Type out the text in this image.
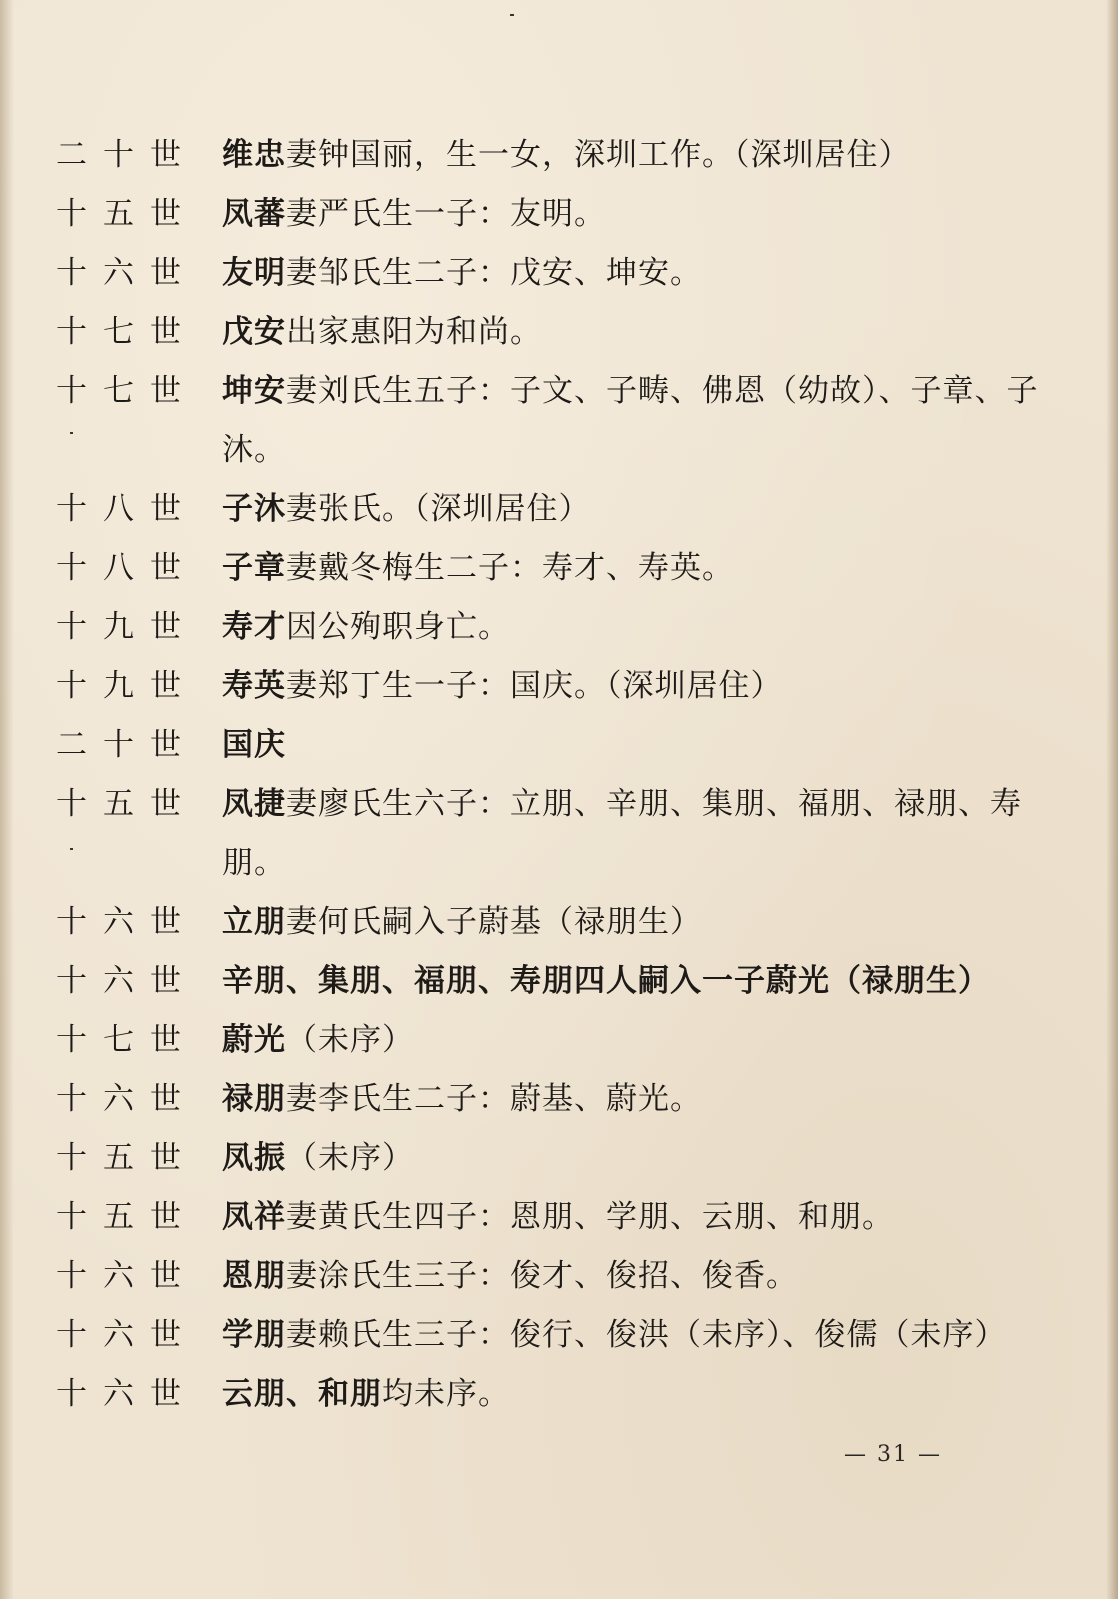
二十世 维忠妻钟国丽，生一女，深圳工作。（深圳居住）
十五世 凤蕃妻严氏生一子：友明。
十六世 友明妻邹氏生二子：戊安、坤安。
十七世 戊安出家惠阳为和尚。
十七世 坤安妻刘氏生五子：子文、子畴、佛恩（幼故）、子章、子沐。
十八世 子沐妻张氏。（深圳居住）
十八世 子章妻戴冬梅生二子：寿才、寿英。
十九世 寿才因公殉职身亡。
十九世 寿英妻郑丁生一子：国庆。（深圳居住）
二十世 国庆
十五世 凤捷妻廖氏生六子：立朋、辛朋、集朋、福朋、禄朋、寿朋。
十六世 立朋妻何氏嗣入子蔚基（禄朋生）
十六世 辛朋、集朋、福朋、寿朋四人嗣入一子蔚光（禄朋生）
十七世 蔚光（未序）
十六世 禄朋妻李氏生二子：蔚基、蔚光。
十五世 凤振（未序）
十五世 凤祥妻黄氏生四子：恩朋、学朋、云朋、和朋。
十六世 恩朋妻涂氏生三子：俊才、俊招、俊香。
十六世 学朋妻赖氏生三子：俊行、俊洪（未序）、俊儒（未序）
十六世 云朋、和朋均未序。
— 31 —
